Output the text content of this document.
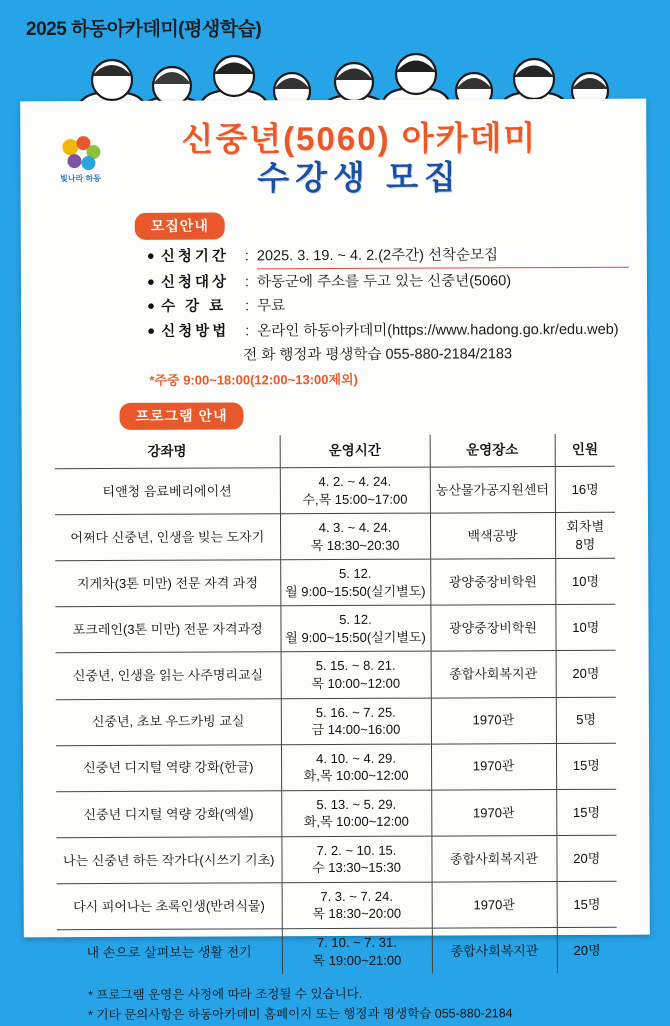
2025 하동아카데미(평생학습)
빛나라 하동
신중년(5060) 아카데미
수강생 모집
모집안내
● 신청기간	: 2025. 3. 19. ~ 4. 2.(2주간) 선착순모집
● 신청대상	: 하동군에 주소를 두고 있는 신중년(5060)
● 수 강 료	: 무료
● 신청방법	: 온라인 하동아카데미(https://www.hadong.go.kr/edu.web)
전 화 행정과 평생학습 055-880-2184/2183
*주중 9:00~18:00(12:00~13:00제외)
프로그램 안내
강좌명	운영시간	운영장소	인원
티앤청 음료베리에이션	4. 2. ~ 4. 24.
수,목 15:00~17:00	농산물가공지원센터	16명
어쩌다 신중년, 인생을 빚는 도자기	4. 3. ~ 4. 24.
목 18:30~20:30	백색공방	회차별
8명
지게차(3톤 미만) 전문 자격 과정	5. 12.
월 9:00~15:50(실기별도)	광양중장비학원	10명
포크레인(3톤 미만) 전문 자격과정	5. 12.
월 9:00~15:50(실기별도)	광양중장비학원	10명
신중년, 인생을 읽는 사주명리교실	5. 15. ~ 8. 21.
목 10:00~12:00	종합사회복지관	20명
신중년, 초보 우드카빙 교실	5. 16. ~ 7. 25.
금 14:00~16:00	1970관	5명
신중년 디지털 역량 강화(한글)	4. 10. ~ 4. 29.
화,목 10:00~12:00	1970관	15명
신중년 디지털 역량 강화(엑셀)	5. 13. ~ 5. 29.
화,목 10:00~12:00	1970관	15명
나는 신중년 하든 작가다(시쓰기 기초)	7. 2. ~ 10. 15.
수 13:30~15:30	종합사회복지관	20명
다시 피어나는 초록인생(반려식물)	7. 3. ~ 7. 24.
목 18:30~20:00	1970관	15명
내 손으로 살펴보는 생활 전기	7. 10. ~ 7. 31.
목 19:00~21:00	종합사회복지관	20명
* 프로그램 운영은 사정에 따라 조정될 수 있습니다.
* 기타 문의사항은 하동아카데미 홈페이지 또는 행정과 평생학습 055-880-2184
